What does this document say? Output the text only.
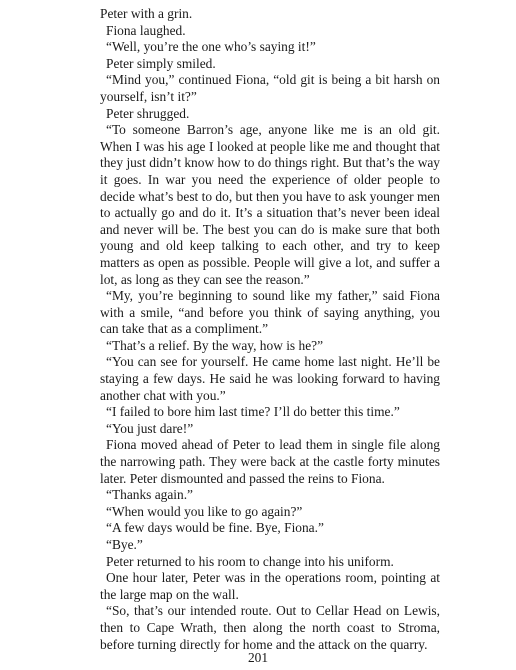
Peter with a grin.

Fiona laughed.

“Well, you’re the one who’s saying it!”

Peter simply smiled.

“Mind you,” continued Fiona, “old git is being a bit harsh on yourself, isn’t it?”

Peter shrugged.

“To someone Barron’s age, anyone like me is an old git. When I was his age I looked at people like me and thought that they just didn’t know how to do things right. But that’s the way it goes. In war you need the experience of older people to decide what’s best to do, but then you have to ask younger men to actually go and do it. It’s a situation that’s never been ideal and never will be. The best you can do is make sure that both young and old keep talking to each other, and try to keep matters as open as possible. People will give a lot, and suffer a lot, as long as they can see the reason.”

“My, you’re beginning to sound like my father,” said Fiona with a smile, “and before you think of saying anything, you can take that as a compliment.”

“That’s a relief. By the way, how is he?”

“You can see for yourself. He came home last night. He’ll be staying a few days. He said he was looking forward to having another chat with you.”

“I failed to bore him last time? I’ll do better this time.”

“You just dare!”

Fiona moved ahead of Peter to lead them in single file along the narrowing path. They were back at the castle forty minutes later. Peter dismounted and passed the reins to Fiona.

“Thanks again.”

“When would you like to go again?”

“A few days would be fine. Bye, Fiona.”

“Bye.”

Peter returned to his room to change into his uniform.

One hour later, Peter was in the operations room, pointing at the large map on the wall.

“So, that’s our intended route. Out to Cellar Head on Lewis, then to Cape Wrath, then along the north coast to Stroma, before turning directly for home and the attack on the quarry.

201
